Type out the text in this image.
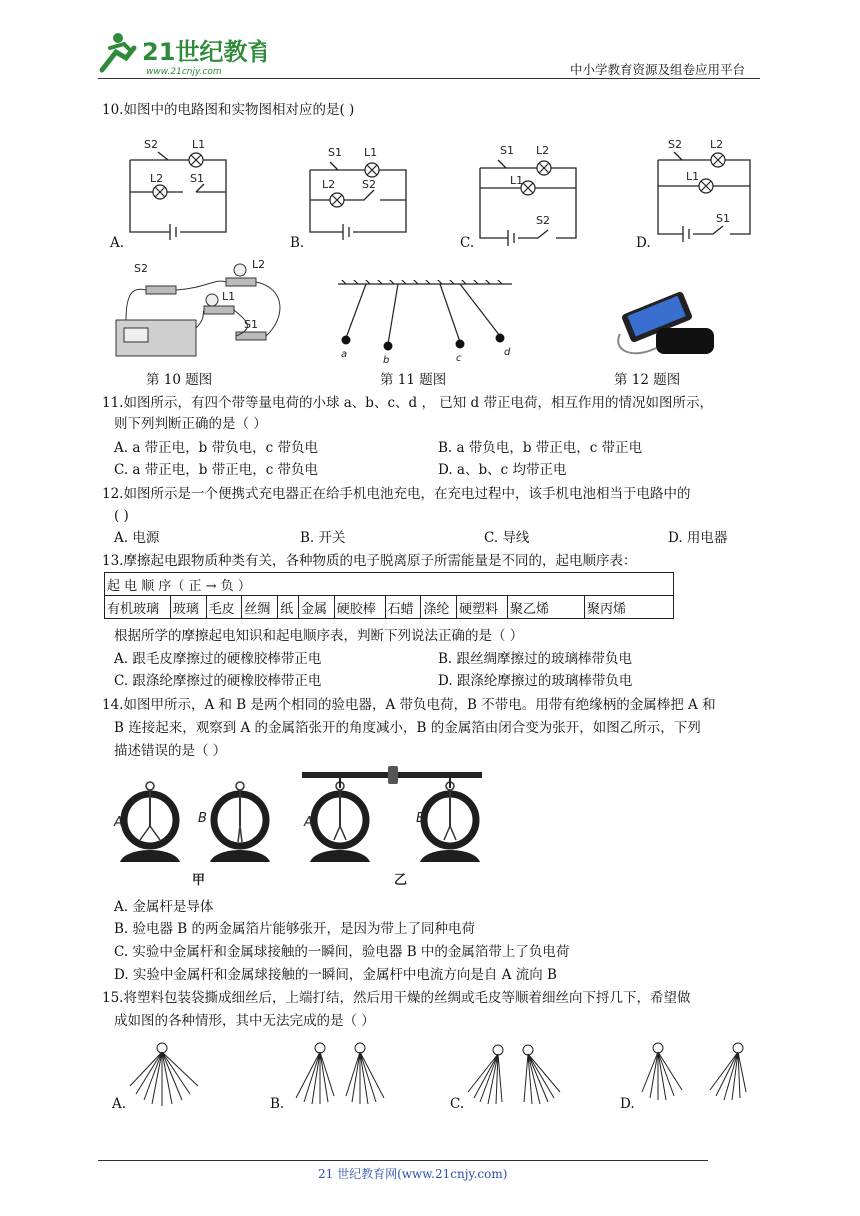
21世纪教育
www.21cnjy.com	中小学教育资源及组卷应用平台
10.如图中的电路图和实物图相对应的是( )
S2	L1
L2 S1
S1 L1
L2 S2
S1 L2
L1
S2
S2	L2
L1
S1
A.	B.	C.	D.
S2	L2
L1
S1
a
b	c
d
第 10 题图	第 11 题图	第 12 题图
11.如图所示，有四个带等量电荷的小球 a、b、c、d ， 已知 d 带正电荷，相互作用的情况如图所示，
则下列判断正确的是（ ）
A. a 带正电，b 带负电，c 带负电	B. a 带负电，b 带正电，c 带正电
C. a 带正电，b 带正电，c 带负电	D. a、b、c 均带正电
12.如图所示是一个便携式充电器正在给手机电池充电，在充电过程中，该手机电池相当于电路中的
( )
A. 电源	B. 开关	C. 导线	D. 用电器
13.摩擦起电跟物质种类有关，各种物质的电子脱离原子所需能量是不同的，起电顺序表：
起 电 顺 序（ 正 → 负 ）
有机玻璃	玻璃	毛皮	丝绸	纸	金属	硬胶棒	石蜡	涤纶	硬塑料	聚乙烯	聚丙烯
根据所学的摩擦起电知识和起电顺序表，判断下列说法正确的是（ ）
A. 跟毛皮摩擦过的硬橡胶棒带正电	B. 跟丝绸摩擦过的玻璃棒带负电
C. 跟涤纶摩擦过的硬橡胶棒带正电	D. 跟涤纶摩擦过的玻璃棒带负电
14.如图甲所示，A 和 B 是两个相同的验电器，A 带负电荷，B 不带电。用带有绝缘柄的金属棒把 A 和
B 连接起来，观察到 A 的金属箔张开的角度减小，B 的金属箔由闭合变为张开，如图乙所示，下列
描述错误的是（ ）
A	B	A	B
甲	乙
A. 金属杆是导体
B. 验电器 B 的两金属箔片能够张开，是因为带上了同种电荷
C. 实验中金属杆和金属球接触的一瞬间，验电器 B 中的金属箔带上了负电荷
D. 实验中金属杆和金属球接触的一瞬间，金属杆中电流方向是自 A 流向 B
15.将塑料包装袋撕成细丝后，上端打结，然后用干燥的丝绸或毛皮等顺着细丝向下捋几下，希望做
成如图的各种情形，其中无法完成的是（ ）
A.	B.	C.	D.
21 世纪教育网(www.21cnjy.com)
